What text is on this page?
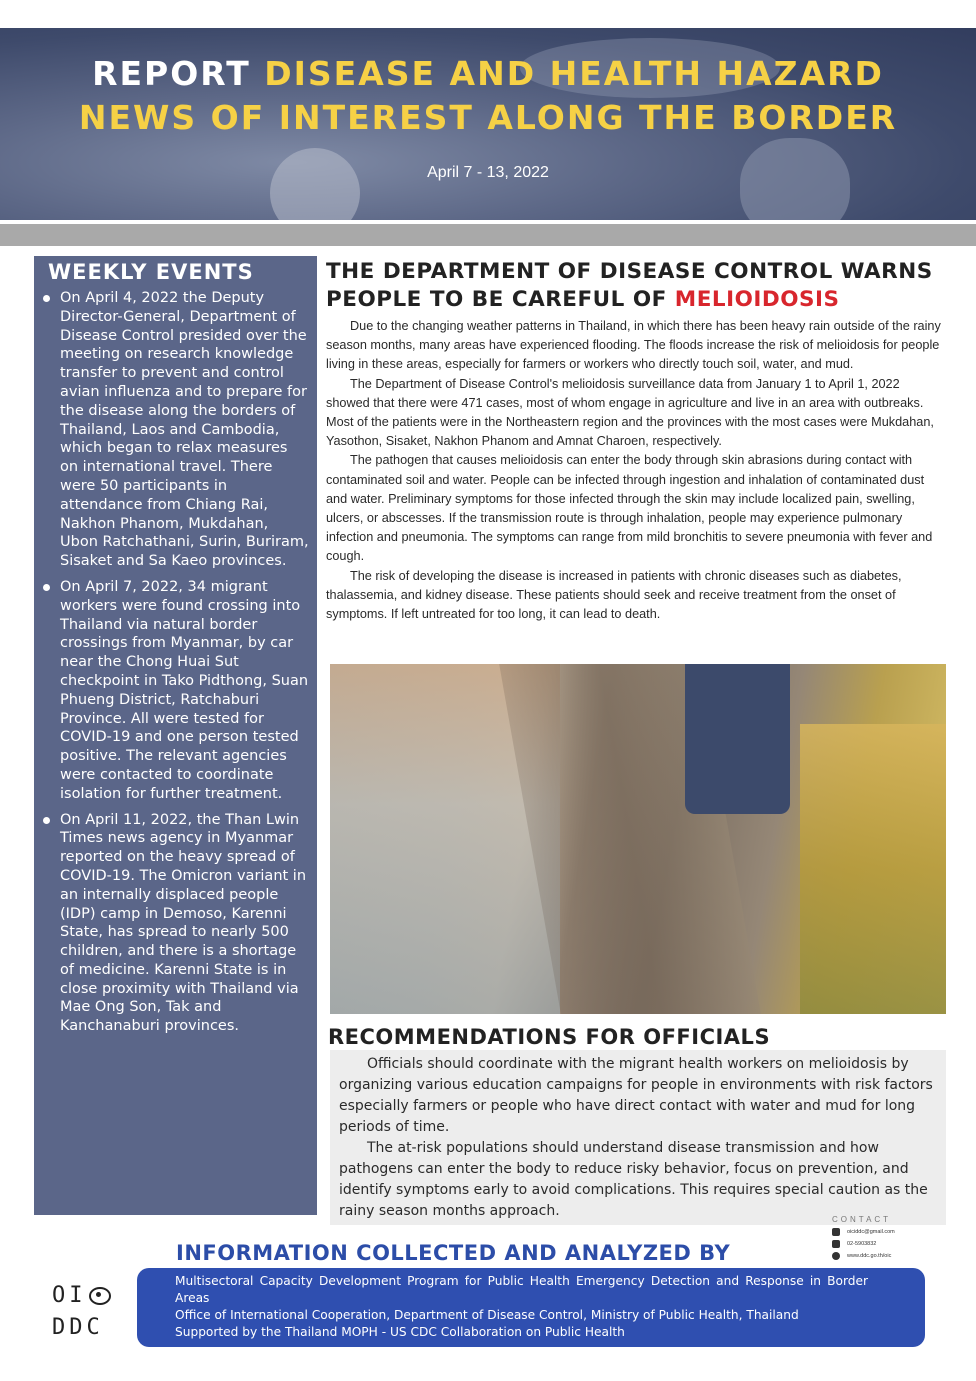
REPORT DISEASE AND HEALTH HAZARD
NEWS OF INTEREST ALONG THE BORDER
April 7 - 13, 2022
WEEKLY EVENTS
On April 4, 2022 the Deputy Director-General, Department of Disease Control presided over the meeting on research knowledge transfer to prevent and control avian influenza and to prepare for the disease along the borders of Thailand, Laos and Cambodia, which began to relax measures on international travel. There were 50 participants in attendance from Chiang Rai, Nakhon Phanom, Mukdahan, Ubon Ratchathani, Surin, Buriram, Sisaket and Sa Kaeo provinces.
On April 7, 2022, 34 migrant workers were found crossing into Thailand via natural border crossings from Myanmar, by car near the Chong Huai Sut checkpoint in Tako Pidthong, Suan Phueng District, Ratchaburi Province. All were tested for COVID-19 and one person tested positive. The relevant agencies were contacted to coordinate isolation for further treatment.
On April 11, 2022, the Than Lwin Times news agency in Myanmar reported on the heavy spread of COVID-19. The Omicron variant in an internally displaced people (IDP) camp in Demoso, Karenni State, has spread to nearly 500 children, and there is a shortage of medicine. Karenni State is in close proximity with Thailand via Mae Ong Son, Tak and Kanchanaburi provinces.
THE DEPARTMENT OF DISEASE CONTROL WARNS
PEOPLE TO BE CAREFUL OF MELIOIDOSIS

Due to the changing weather patterns in Thailand, in which there has been heavy rain outside of the rainy season months, many areas have experienced flooding. The floods increase the risk of melioidosis for people living in these areas, especially for farmers or workers who directly touch soil, water, and mud.

The Department of Disease Control's melioidosis surveillance data from January 1 to April 1, 2022 showed that there were 471 cases, most of whom engage in agriculture and live in an area with outbreaks. Most of the patients were in the Northeastern region and the provinces with the most cases were Mukdahan, Yasothon, Sisaket, Nakhon Phanom and Amnat Charoen, respectively.

The pathogen that causes melioidosis can enter the body through skin abrasions during contact with contaminated soil and water. People can be infected through ingestion and inhalation of contaminated dust and water. Preliminary symptoms for those infected through the skin may include localized pain, swelling, ulcers, or abscesses. If the transmission route is through inhalation, people may experience pulmonary infection and pneumonia. The symptoms can range from mild bronchitis to severe pneumonia with fever and cough.

The risk of developing the disease is increased in patients with chronic diseases such as diabetes, thalassemia, and kidney disease. These patients should seek and receive treatment from the onset of symptoms. If left untreated for too long, it can lead to death.

RECOMMENDATIONS FOR OFFICIALS

Officials should coordinate with the migrant health workers on melioidosis by organizing various education campaigns for people in environments with risk factors especially farmers or people who have direct contact with water and mud for long periods of time.

The at-risk populations should understand disease transmission and how pathogens can enter the body to reduce risky behavior, focus on prevention, and identify symptoms early to avoid complications. This requires special caution as the rainy season months approach.

CONTACT
oiciddc@gmail.com
02-5903832
www.ddc.go.th/oic
INFORMATION COLLECTED AND ANALYZED BY
Multisectoral Capacity Development Program for Public Health Emergency Detection and Response in Border Areas
Office of International Cooperation, Department of Disease Control, Ministry of Public Health, Thailand
Supported by the Thailand MOPH - US CDC Collaboration on Public Health
OI
DDC
